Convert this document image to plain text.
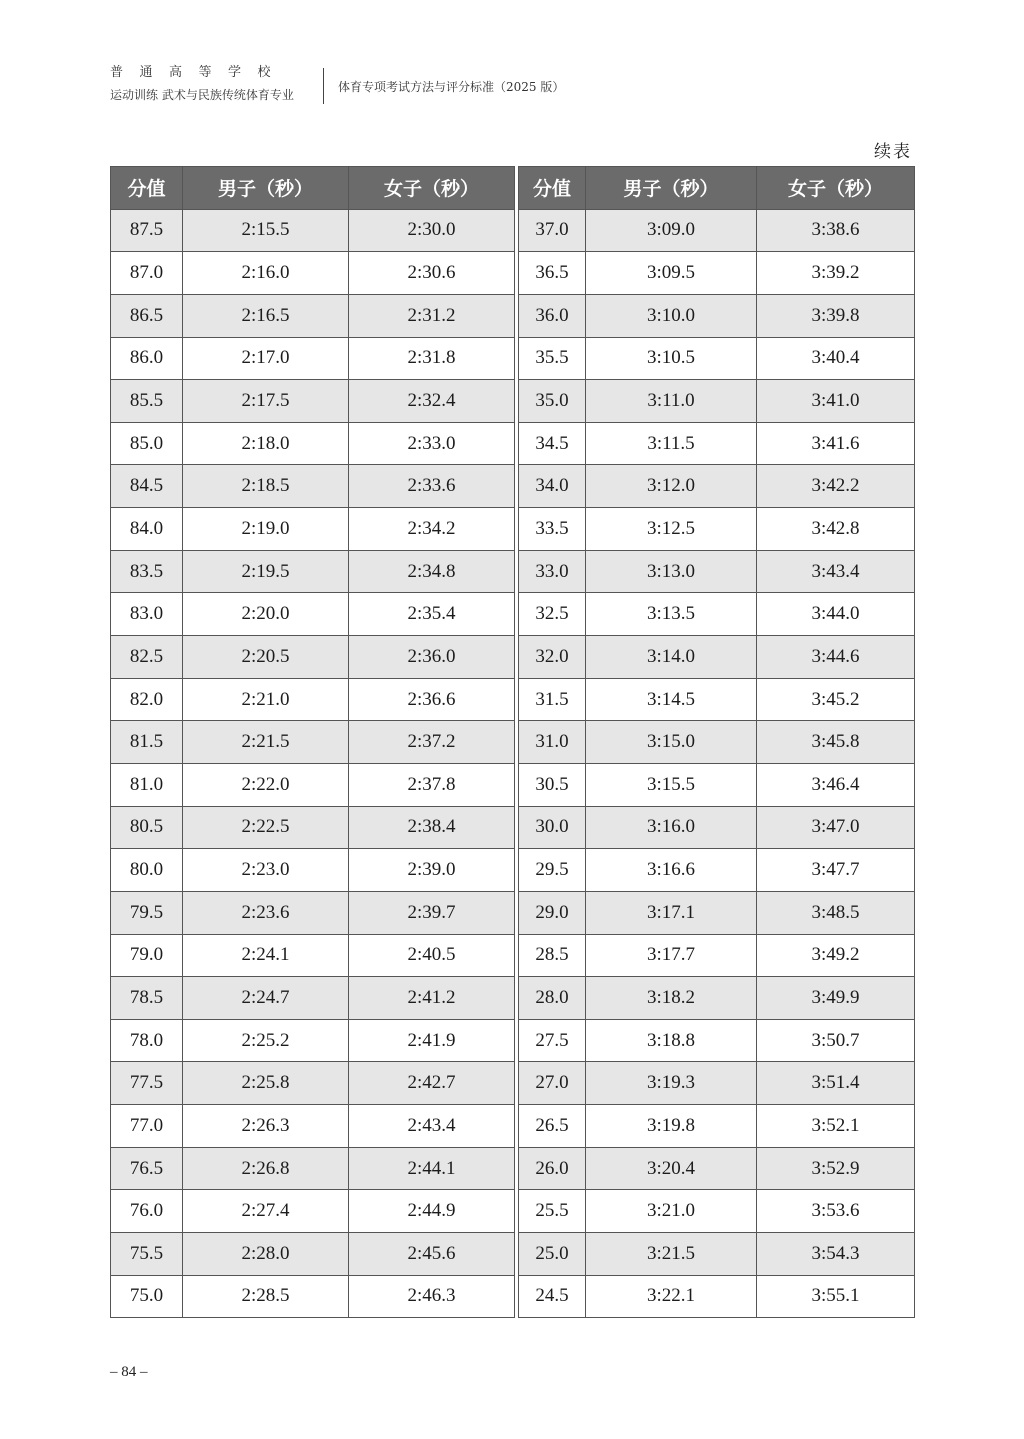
普通高等学校
运动训练 武术与民族传统体育专业
体育专项考试方法与评分标准（2025 版）
续表
分值	男子（秒）	女子（秒）
87.5	2:15.5	2:30.0
87.0	2:16.0	2:30.6
86.5	2:16.5	2:31.2
86.0	2:17.0	2:31.8
85.5	2:17.5	2:32.4
85.0	2:18.0	2:33.0
84.5	2:18.5	2:33.6
84.0	2:19.0	2:34.2
83.5	2:19.5	2:34.8
83.0	2:20.0	2:35.4
82.5	2:20.5	2:36.0
82.0	2:21.0	2:36.6
81.5	2:21.5	2:37.2
81.0	2:22.0	2:37.8
80.5	2:22.5	2:38.4
80.0	2:23.0	2:39.0
79.5	2:23.6	2:39.7
79.0	2:24.1	2:40.5
78.5	2:24.7	2:41.2
78.0	2:25.2	2:41.9
77.5	2:25.8	2:42.7
77.0	2:26.3	2:43.4
76.5	2:26.8	2:44.1
76.0	2:27.4	2:44.9
75.5	2:28.0	2:45.6
75.0	2:28.5	2:46.3
分值	男子（秒）	女子（秒）
37.0	3:09.0	3:38.6
36.5	3:09.5	3:39.2
36.0	3:10.0	3:39.8
35.5	3:10.5	3:40.4
35.0	3:11.0	3:41.0
34.5	3:11.5	3:41.6
34.0	3:12.0	3:42.2
33.5	3:12.5	3:42.8
33.0	3:13.0	3:43.4
32.5	3:13.5	3:44.0
32.0	3:14.0	3:44.6
31.5	3:14.5	3:45.2
31.0	3:15.0	3:45.8
30.5	3:15.5	3:46.4
30.0	3:16.0	3:47.0
29.5	3:16.6	3:47.7
29.0	3:17.1	3:48.5
28.5	3:17.7	3:49.2
28.0	3:18.2	3:49.9
27.5	3:18.8	3:50.7
27.0	3:19.3	3:51.4
26.5	3:19.8	3:52.1
26.0	3:20.4	3:52.9
25.5	3:21.0	3:53.6
25.0	3:21.5	3:54.3
24.5	3:22.1	3:55.1
– 84 –
